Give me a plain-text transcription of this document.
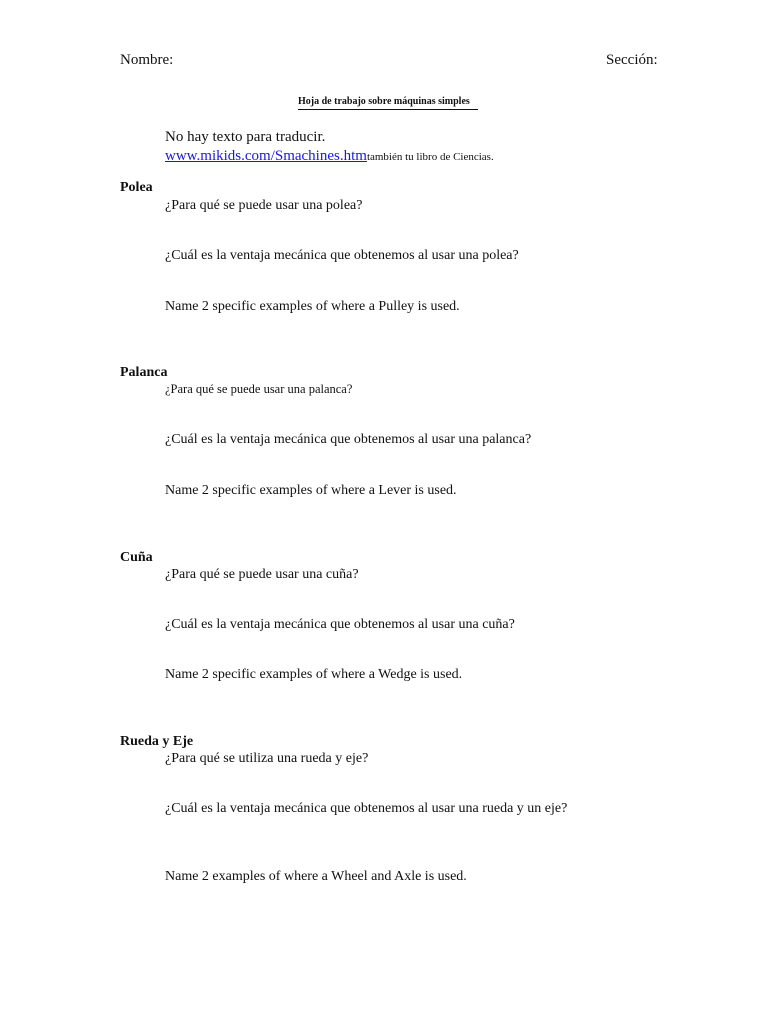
Nombre:	Sección:
Hoja de trabajo sobre máquinas simples
No hay texto para traducir.
www.mikids.com/Smachines.htmtambién tu libro de Ciencias.
Polea
¿Para qué se puede usar una polea?
¿Cuál es la ventaja mecánica que obtenemos al usar una polea?
Name 2 specific examples of where a Pulley is used.
Palanca
¿Para qué se puede usar una palanca?
¿Cuál es la ventaja mecánica que obtenemos al usar una palanca?
Name 2 specific examples of where a Lever is used.
Cuña
¿Para qué se puede usar una cuña?
¿Cuál es la ventaja mecánica que obtenemos al usar una cuña?
Name 2 specific examples of where a Wedge is used.
Rueda y Eje
¿Para qué se utiliza una rueda y eje?
¿Cuál es la ventaja mecánica que obtenemos al usar una rueda y un eje?
Name 2 examples of where a Wheel and Axle is used.
